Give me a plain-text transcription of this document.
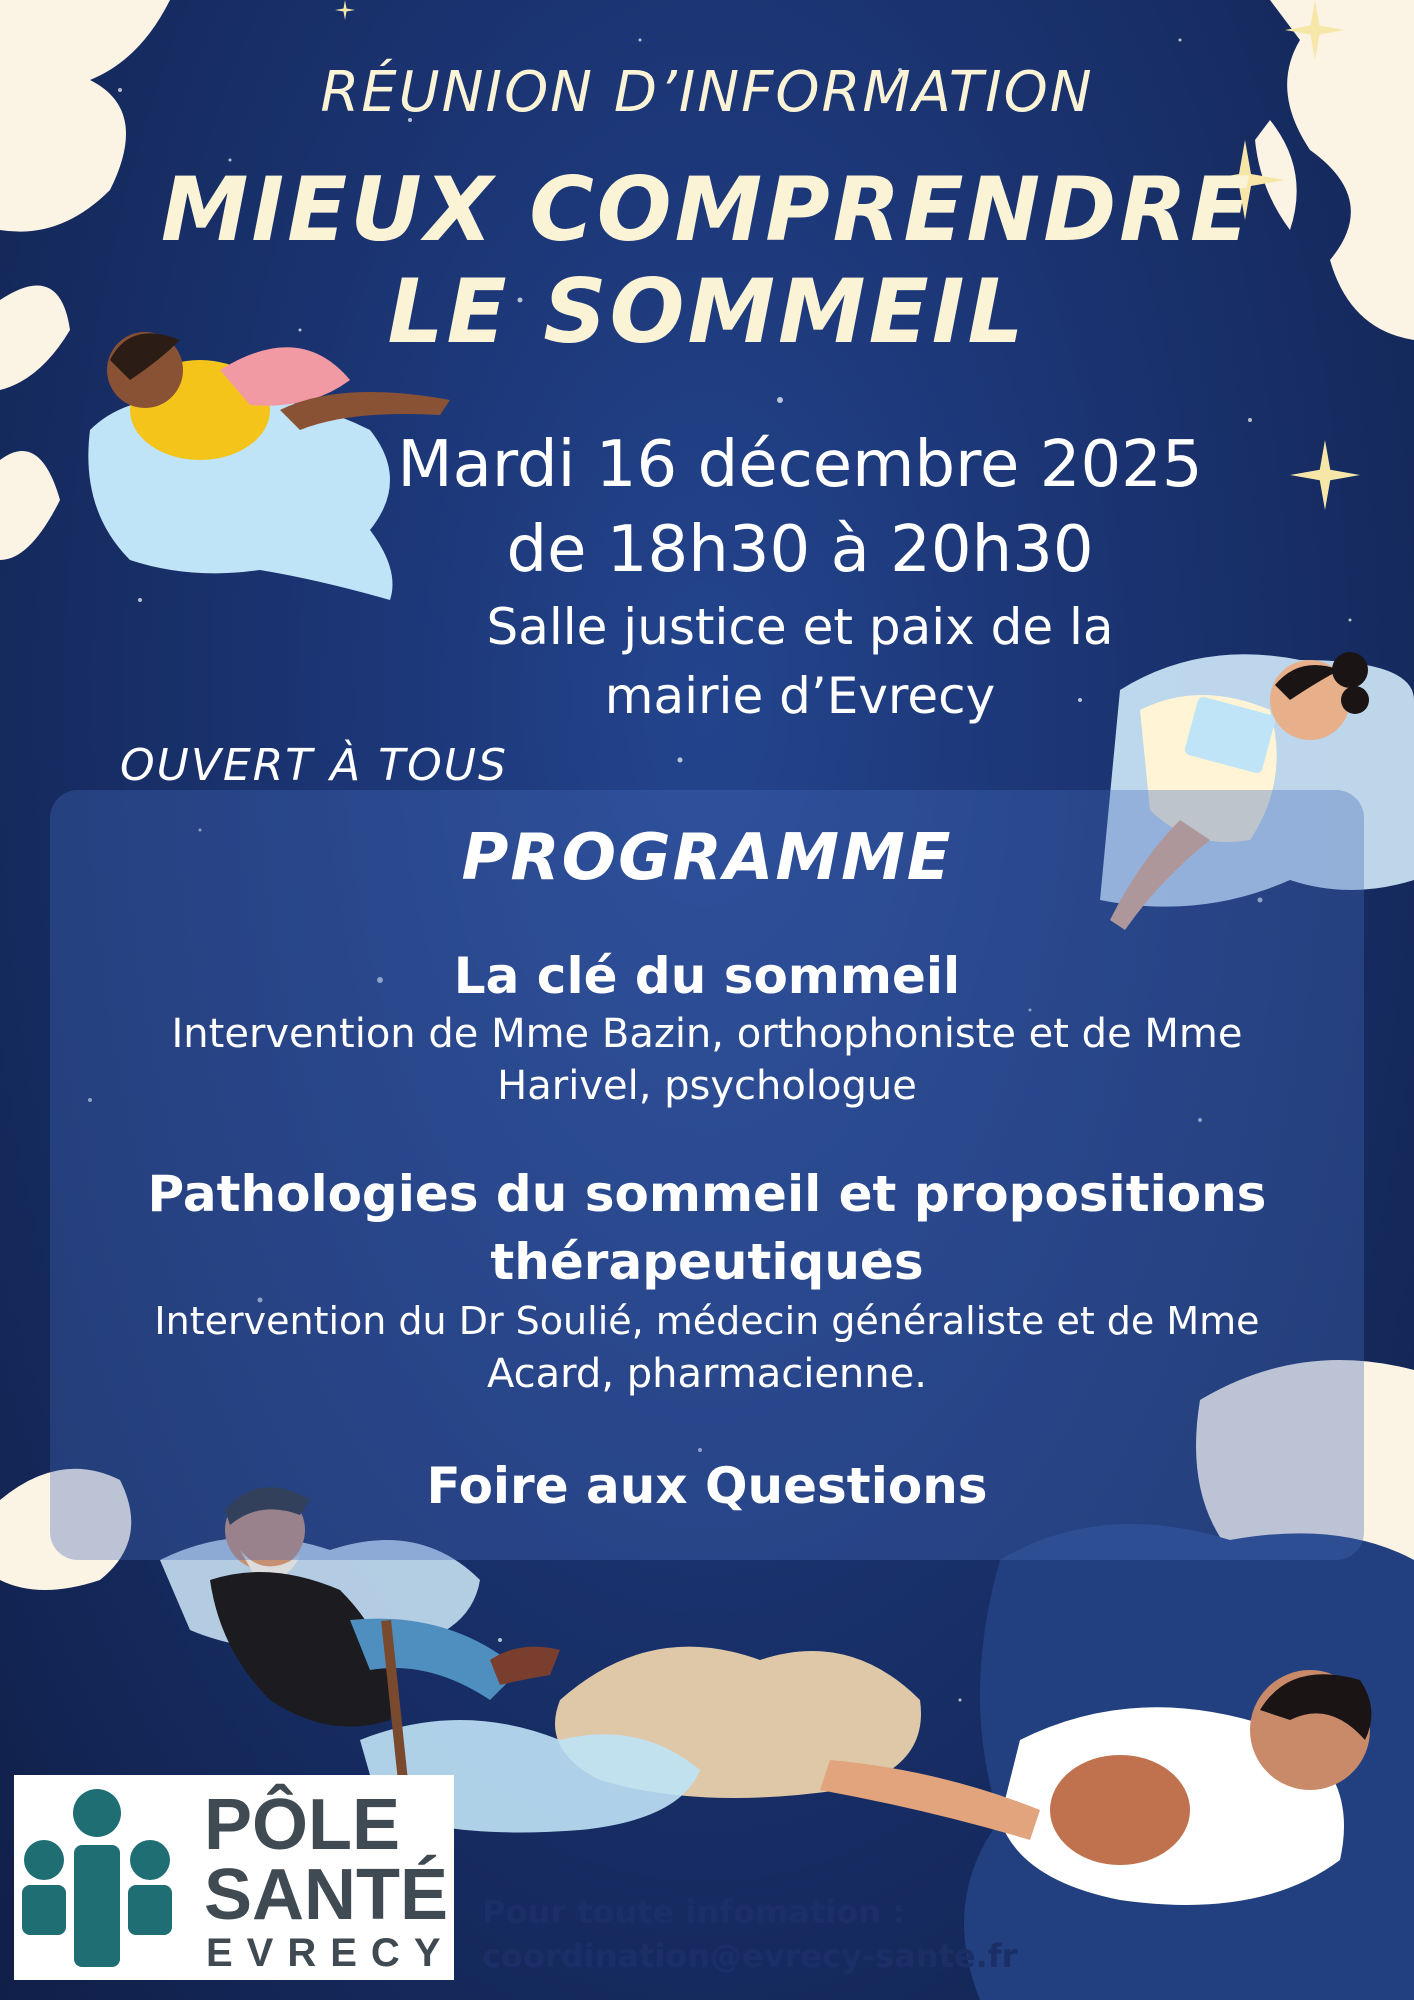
RÉUNION D’INFORMATION

MIEUX COMPRENDRE

LE SOMMEIL

Mardi 16 décembre 2025

de 18h30 à 20h30

Salle justice et paix de la

mairie d’Evrecy

OUVERT À TOUS

PROGRAMME

La clé du sommeil

Intervention de Mme Bazin, orthophoniste et de Mme

Harivel, psychologue

Pathologies du sommeil et propositions

thérapeutiques

Intervention du Dr Soulié, médecin généraliste et de Mme

Acard, pharmacienne.

Foire aux Questions

PÔLE
SANTÉ
EVRECY
Pour toute infomation :
coordination@evrecy-sante.fr
